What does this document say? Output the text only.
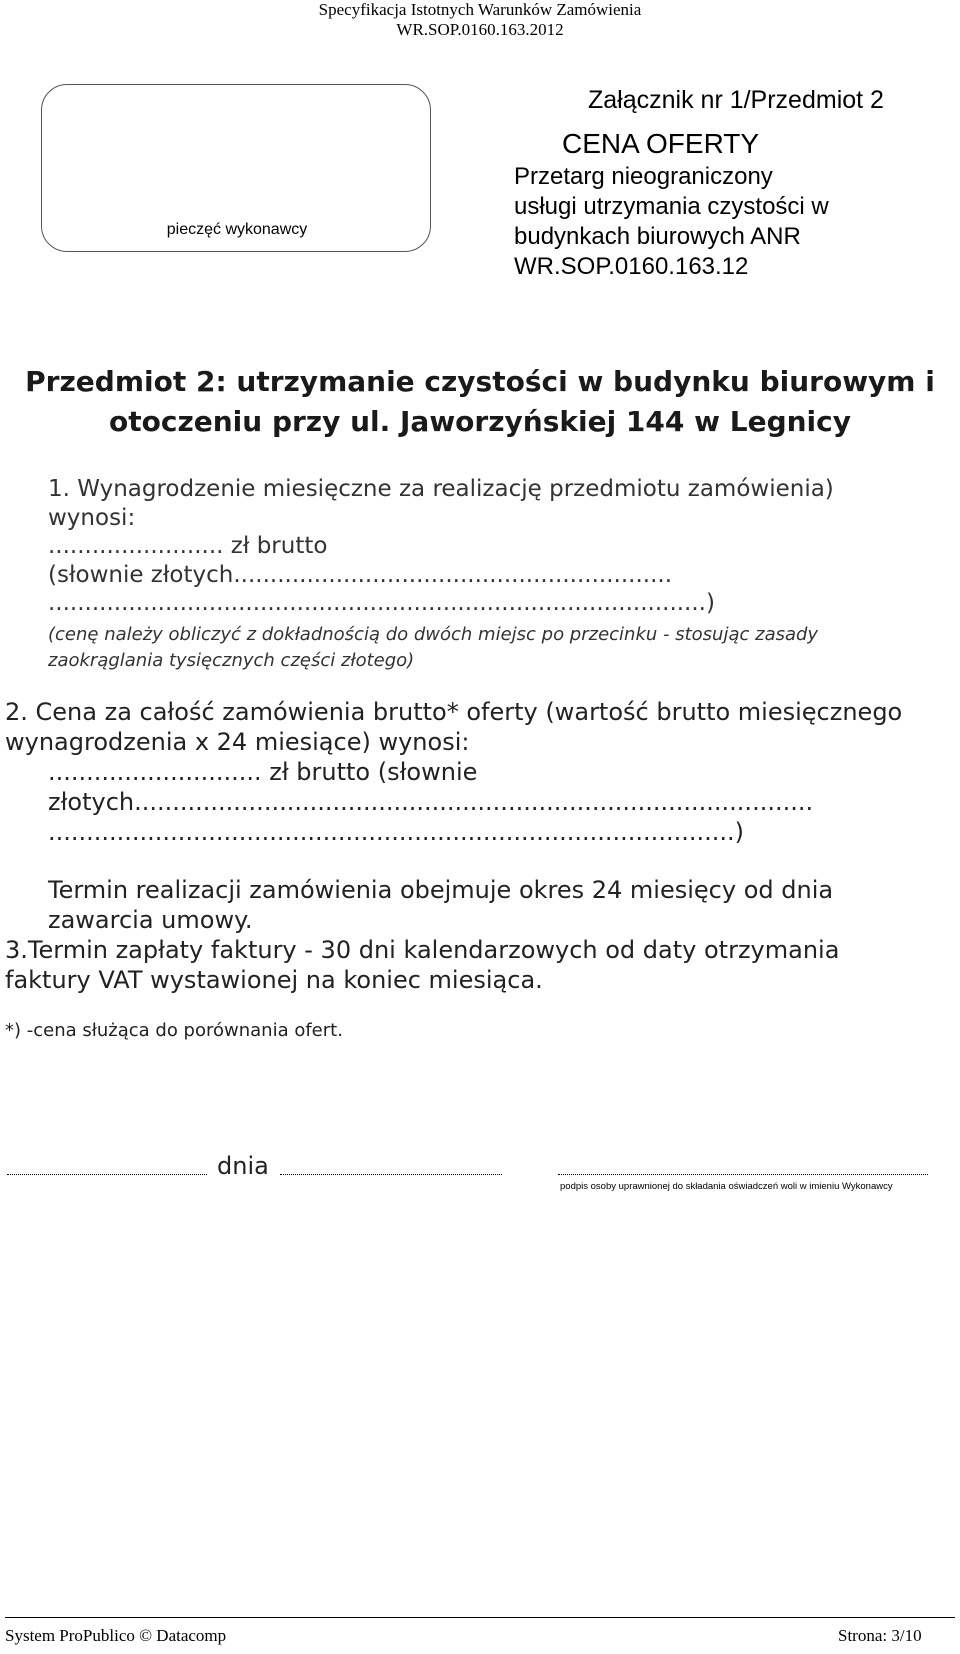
Specyfikacja Istotnych Warunków Zamówienia
WR.SOP.0160.163.2012
pieczęć wykonawcy
Załącznik nr 1/Przedmiot 2
CENA OFERTY
Przetarg nieograniczony
usługi utrzymania czystości w
budynkach biurowych ANR
WR.SOP.0160.163.12
Przedmiot 2: utrzymanie czystości w budynku biurowym i
otoczeniu przy ul. Jaworzyńskiej 144 w Legnicy
1. Wynagrodzenie miesięczne za realizację przedmiotu zamówienia)
wynosi:
........................ zł brutto
(słownie złotych............................................................
..........................................................................................)
(cenę należy obliczyć z dokładnością do dwóch miejsc po przecinku - stosując zasady
zaokrąglania tysięcznych części złotego)
2. Cena za całość zamówienia brutto* oferty (wartość brutto miesięcznego
wynagrodzenia x 24 miesiące) wynosi:
............................ zł brutto (słownie
złotych.........................................................................................
..........................................................................................)
Termin realizacji zamówienia obejmuje okres 24 miesięcy od dnia
zawarcia umowy.
3.Termin zapłaty faktury - 30 dni kalendarzowych od daty otrzymania
faktury VAT wystawionej na koniec miesiąca.
*) -cena służąca do porównania ofert.
dnia
podpis osoby uprawnionej do składania oświadczeń woli w imieniu Wykonawcy
System ProPublico © Datacomp	Strona: 3/10
